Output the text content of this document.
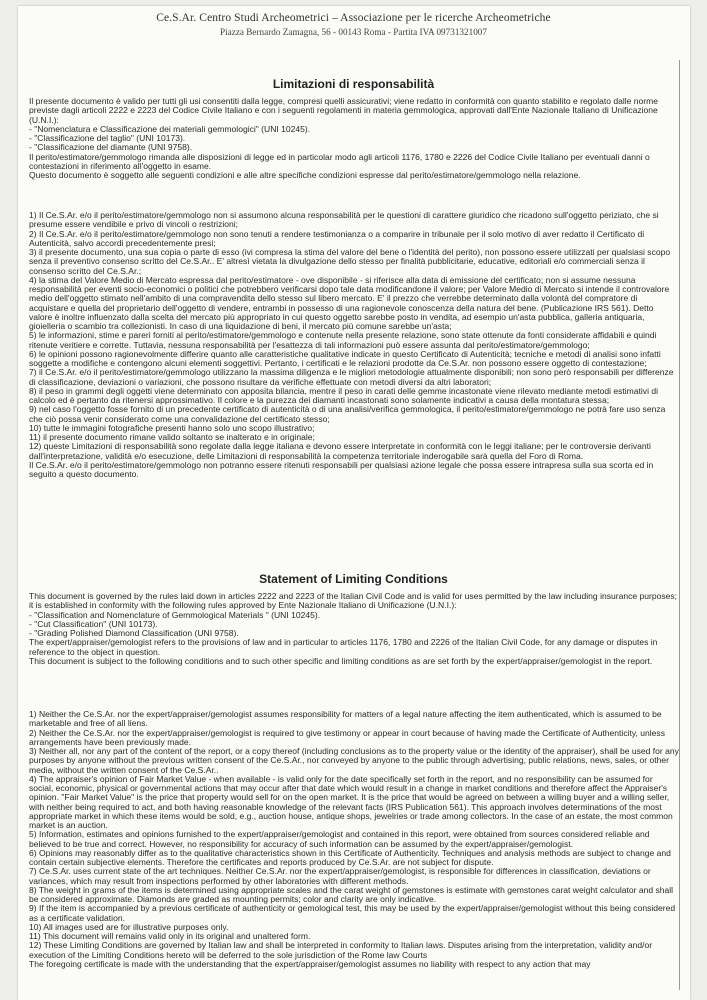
Ce.S.Ar. Centro Studi Archeometrici – Associazione per le ricerche Archeometriche
Piazza Bernardo Zamagna, 56 - 00143 Roma - Partita IVA 09731321007
Limitazioni di responsabilità

Il presente documento è valido per tutti gli usi consentiti dalla legge, compresi quelli assicurativi; viene redatto in conformità con quanto stabilito e regolato dalle norme previste dagli articoli 2222 e 2223 del Codice Civile Italiano e con i seguenti regolamenti in materia gemmologica, approvati dall'Ente Nazionale Italiano di Unificazione (U.N.I.):

- "Nomenclatura e Classificazione dei materiali gemmologici" (UNI 10245).

- "Classificazione del taglio" (UNI 10173).

- "Classificazione del diamante (UNI 9758).

Il perito/estimatore/gemmologo rimanda alle disposizioni di legge ed in particolar modo agli articoli 1176, 1780 e 2226 del Codice Civile Italiano per eventuali danni o contestazioni in riferimento all'oggetto in esame.

Questo documento è soggetto alle seguenti condizioni e alle altre specifiche condizioni espresse dal perito/estimatore/gemmologo nella relazione.

1) Il Ce.S.Ar. e/o il perito/estimatore/gemmologo non si assumono alcuna responsabilità per le questioni di carattere giuridico che ricadono sull'oggetto periziato, che si presume essere vendibile e privo di vincoli o restrizioni;

2) Il Ce.S.Ar. e/o il perito/estimatore/gemmologo non sono tenuti a rendere testimonianza o a comparire in tribunale per il solo motivo di aver redatto il Certificato di Autenticità, salvo accordi precedentemente presi;

3) il presente documento, una sua copia o parte di esso (ivi compresa la stima del valore del bene o l'identità del perito), non possono essere utilizzati per qualsiasi scopo senza il preventivo consenso scritto del Ce.S.Ar.. E' altresì vietata la divulgazione dello stesso per finalità pubblicitarie, educative, editoriali e/o commerciali senza il consenso scritto del Ce.S.Ar.;

4) la stima del Valore Medio di Mercato espressa dal perito/estimatore - ove disponibile - si riferisce alla data di emissione del certificato; non si assume nessuna responsabilità per eventi socio-economici o politici che potrebbero verificarsi dopo tale data modificandone il valore; per Valore Medio di Mercato si intende il controvalore medio dell'oggetto stimato nell'ambito di una compravendita dello stesso sul libero mercato. E' il prezzo che verrebbe determinato dalla volontà del compratore di acquistare e quella del proprietario dell'oggetto di vendere, entrambi in possesso di una ragionevole conoscenza della natura del bene. (Publicazione IRS 561). Detto valore è inoltre influenzato dalla scelta del mercato più appropriato in cui questo oggetto sarebbe posto in vendita, ad esempio un'asta pubblica, galleria antiquaria, gioielleria o scambio tra collezionisti. In caso di una liquidazione di beni, il mercato più comune sarebbe un'asta;

5) le informazioni, stime e pareri forniti al perito/estimatore/gemmologo e contenute nella presente relazione, sono state ottenute da fonti considerate affidabili e quindi ritenute veritiere e corrette. Tuttavia, nessuna responsabilità per l'esattezza di tali informazioni può essere assunta dal perito/estimatore/gemmologo;

6) le opinioni possono ragionevolmente differire quanto alle caratteristiche qualitative indicate in questo Certificato di Autenticità; tecniche e metodi di analisi sono infatti soggette a modifiche e contengono alcuni elementi soggettivi. Pertanto, i certificati e le relazioni prodotte da Ce.S.Ar. non possono essere oggetto di contestazione;

7) il Ce.S.Ar. e/o il perito/estimatore/gemmologo utilizzano la massima diligenza e le migliori metodologie attualmente disponibili; non sono però responsabili per differenze di classificazione, deviazioni o variazioni, che possono risultare da verifiche effettuate con metodi diversi da altri laboratori;

8) il peso in grammi degli oggetti viene determinato con apposita bilancia, mentre il peso in carati delle gemme incastonate viene rilevato mediante metodi estimativi di calcolo ed è pertanto da ritenersi approssimativo. Il colore e la purezza dei diamanti incastonati sono solamente indicativi a causa della montatura stessa;

9) nel caso l'oggetto fosse fornito di un precedente certificato di autenticità o di una analisi/verifica gemmologica, il perito/estimatore/gemmologo ne potrà fare uso senza che ciò possa venir considerato come una convalidazione del certificato stesso;

10) tutte le immagini fotografiche presenti hanno solo uno scopo illustrativo;

11) il presente documento rimane valido soltanto se inalterato e in originale;

12) queste Limitazioni di responsabilità sono regolate dalla legge italiana e devono essere interpretate in conformità con le leggi italiane; per le controversie derivanti dall'interpretazione, validità e/o esecuzione, delle Limitazioni di responsabilità la competenza territoriale inderogabile sarà quella del Foro di Roma.

Il Ce.S.Ar. e/o il perito/estimatore/gemmologo non potranno essere ritenuti responsabili per qualsiasi azione legale che possa essere intrapresa sulla sua scorta ed in seguito a questo documento.

Statement of Limiting Conditions

This document is governed by the rules laid down in articles 2222 and 2223 of the Italian Civil Code and is valid for uses permitted by the law including insurance purposes; it is established in conformity with the following rules approved by Ente Nazionale Italiano di Unificazione (U.N.I.):

- "Classification and Nomenclature of Gemmological Materials " (UNI 10245).

- "Cut Classification" (UNI 10173).

- "Grading Polished Diamond Classification (UNI 9758).

The expert/appraiser/gemologist refers to the provisions of law and in particular to articles 1176, 1780 and 2226 of the Italian Civil Code, for any damage or disputes in reference to the object in question.

This document is subject to the following conditions and to such other specific and limiting conditions as are set forth by the expert/appraiser/gemologist in the report.

1) Neither the Ce.S.Ar. nor the expert/appraiser/gemologist assumes responsibility for matters of a legal nature affecting the item authenticated, which is assumed to be marketable and free of all liens.

2) Neither the Ce.S.Ar. nor the expert/appraiser/gemologist is required to give testimony or appear in court because of having made the Certificate of Authenticity, unless arrangements have been previously made.

3) Neither all, nor any part of the content of the report, or a copy thereof (including conclusions as to the property value or the identity of the appraiser), shall be used for any purposes by anyone without the previous written consent of the Ce.S.Ar., nor conveyed by anyone to the public through advertising, public relations, news, sales, or other media, without the written consent of the Ce.S.Ar..

4) The appraiser's opinion of Fair Market Value - when available - is valid only for the date specifically set forth in the report, and no responsibility can be assumed for social, economic, physical or governmental actions that may occur after that date which would result in a change in market conditions and therefore affect the Appraiser's opinion. "Fair Market Value" is the price that property would sell for on the open market. It is the price that would be agreed on between a willing buyer and a willing seller, with neither being required to act, and both having reasonable knowledge of the relevant facts (IRS Publication 561). This approach involves determinations of the most appropriate market in which these items would be sold, e.g., auction house, antique shops, jewelries or trade among collectors. In the case of an estate, the most common market is an auction.

5) Information, estimates and opinions furnished to the expert/appraiser/gemologist and contained in this report, were obtained from sources considered reliable and believed to be true and correct. However, no responsibility for accuracy of such information can be assumed by the expert/appraiser/gemologist.

6) Opinions may reasonably differ as to the qualitative characteristics shown in this Certificate of Authenticity. Techniques and analysis methods are subject to change and contain certain subjective elements. Therefore the certificates and reports produced by Ce.S.Ar. are not subject for dispute.

7) Ce.S.Ar. uses current state of the art techniques. Neither Ce.S.Ar. nor the expert/appraiser/gemologist, is responsible for differences in classification, deviations or variances, which may result from inspections performed by other laboratories with different methods.

8) The weight in grams of the items is determined using appropriate scales and the carat weight of gemstones is estimate with gemstones carat weight calculator and shall be considered approximate. Diamonds are graded as mounting permits; color and clarity are only indicative.

9) If the item is accompanied by a previous certificate of authenticity or gemological test, this may be used by the expert/appraiser/gemologist without this being considered as a certificate validation.

10) All images used are for illustrative purposes only.

11) This document will remains valid only in its original and unaltered form.

12) These Limiting Conditions are governed by Italian law and shall be interpreted in conformity to Italian laws. Disputes arising from the interpretation, validity and/or execution of the Limiting Conditions hereto will be deferred to the sole jurisdiction of the Rome law Courts

The foregoing certificate is made with the understanding that the expert/appraiser/gemologist assumes no liability with respect to any action that may
